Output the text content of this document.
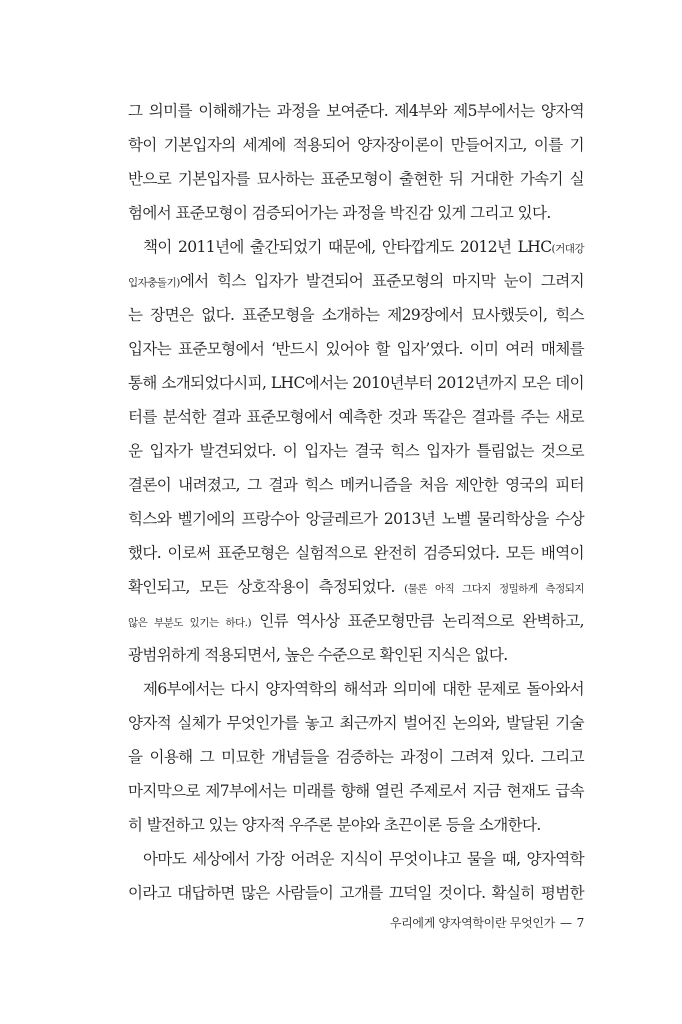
그 의미를 이해해가는 과정을 보여준다. 제4부와 제5부에서는 양자역
학이 기본입자의 세계에 적용되어 양자장이론이 만들어지고, 이를 기
반으로 기본입자를 묘사하는 표준모형이 출현한 뒤 거대한 가속기 실
험에서 표준모형이 검증되어가는 과정을 박진감 있게 그리고 있다.
책이 2011년에 출간되었기 때문에, 안타깝게도 2012년 LHC(거대강
입자충돌기)에서 힉스 입자가 발견되어 표준모형의 마지막 눈이 그려지
는 장면은 없다. 표준모형을 소개하는 제29장에서 묘사했듯이, 힉스
입자는 표준모형에서 ‘반드시 있어야 할 입자’였다. 이미 여러 매체를
통해 소개되었다시피, LHC에서는 2010년부터 2012년까지 모은 데이
터를 분석한 결과 표준모형에서 예측한 것과 똑같은 결과를 주는 새로
운 입자가 발견되었다. 이 입자는 결국 힉스 입자가 틀림없는 것으로
결론이 내려졌고, 그 결과 힉스 메커니즘을 처음 제안한 영국의 피터
힉스와 벨기에의 프랑수아 앙글레르가 2013년 노벨 물리학상을 수상
했다. 이로써 표준모형은 실험적으로 완전히 검증되었다. 모든 배역이
확인되고, 모든 상호작용이 측정되었다. (물론 아직 그다지 정밀하게 측정되지
않은 부분도 있기는 하다.) 인류 역사상 표준모형만큼 논리적으로 완벽하고,
광범위하게 적용되면서, 높은 수준으로 확인된 지식은 없다.
제6부에서는 다시 양자역학의 해석과 의미에 대한 문제로 돌아와서
양자적 실체가 무엇인가를 놓고 최근까지 벌어진 논의와, 발달된 기술
을 이용해 그 미묘한 개념들을 검증하는 과정이 그려져 있다. 그리고
마지막으로 제7부에서는 미래를 향해 열린 주제로서 지금 현재도 급속
히 발전하고 있는 양자적 우주론 분야와 초끈이론 등을 소개한다.
아마도 세상에서 가장 어려운 지식이 무엇이냐고 물을 때, 양자역학
이라고 대답하면 많은 사람들이 고개를 끄덕일 것이다. 확실히 평범한
우리에게 양자역학이란 무엇인가 — 7
